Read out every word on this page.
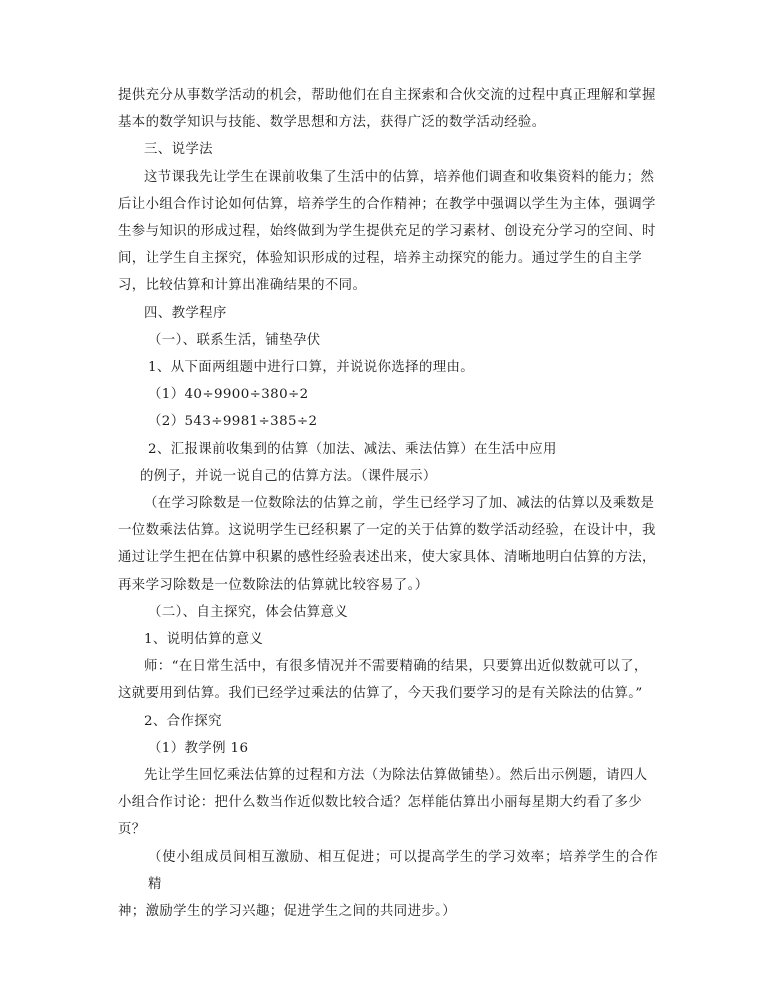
提供充分从事数学活动的机会，帮助他们在自主探索和合伙交流的过程中真正理解和掌握
基本的数学知识与技能、数学思想和方法，获得广泛的数学活动经验。

三、说学法

这节课我先让学生在课前收集了生活中的估算，培养他们调查和收集资料的能力；然
后让小组合作讨论如何估算，培养学生的合作精神；在教学中强调以学生为主体，强调学
生参与知识的形成过程，始终做到为学生提供充足的学习素材、创设充分学习的空间、时
间，让学生自主探究，体验知识形成的过程，培养主动探究的能力。通过学生的自主学
习，比较估算和计算出准确结果的不同。

四、教学程序

（一）、联系生活，铺垫孕伏

1、从下面两组题中进行口算，并说说你选择的理由。

（1）40÷9900÷380÷2

（2）543÷9981÷385÷2

2、汇报课前收集到的估算（加法、减法、乘法估算）在生活中应用

的例子，并说一说自己的估算方法。（课件展示）

（在学习除数是一位数除法的估算之前，学生已经学习了加、减法的估算以及乘数是
一位数乘法估算。这说明学生已经积累了一定的关于估算的数学活动经验，在设计中，我
通过让学生把在估算中积累的感性经验表述出来，使大家具体、清晰地明白估算的方法，
再来学习除数是一位数除法的估算就比较容易了。）

（二）、自主探究，体会估算意义

1、说明估算的意义

师：“在日常生活中，有很多情况并不需要精确的结果，只要算出近似数就可以了，
这就要用到估算。我们已经学过乘法的估算了，今天我们要学习的是有关除法的估算。”

2、合作探究

（1）教学例 16

先让学生回忆乘法估算的过程和方法（为除法估算做铺垫）。然后出示例题，请四人
小组合作讨论：把什么数当作近似数比较合适？怎样能估算出小丽每星期大约看了多少
页？

（使小组成员间相互激励、相互促进；可以提高学生的学习效率；培养学生的合作精
神；激励学生的学习兴趣；促进学生之间的共同进步。）
